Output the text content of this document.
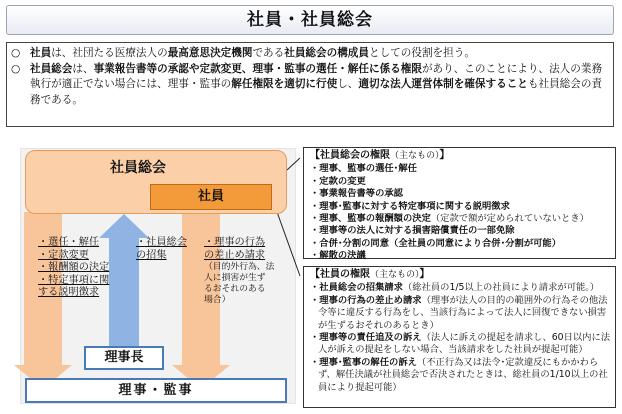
社員・社員総会

○ 社員は、社団たる医療法人の最高意思決定機関である社員総会の構成員としての役割を担う。

○ 社員総会は、事業報告書等の承認や定款変更、理事・監事の選任・解任に係る権限があり、このことにより、法人の業務執行が適正でない場合には、理事・監事の解任権限を適切に行使し、適切な法人運営体制を確保することも社員総会の責務である。

社員総会
社員
・選任・解任
・定款変更
・報酬額の決定
・特定事項に関
する説明徴求
・社員総会
の招集
・理事の行為
の差止め請求
（目的外行為、法
人に損害が生ず
るおそれのある
場合）
理事長
理事・監事
【社員総会の権限（主なもの）】
・理事、監事の選任･解任
・定款の変更
・事業報告書等の承認
・理事･監事に対する特定事項に関する説明徴求
・理事、監事の報酬額の決定（定款で額が定められていないとき）
・理事等の法人に対する損害賠償責任の一部免除
・合併･分割の同意（全社員の同意により合併･分割が可能）
・解散の決議
【社員の権限（主なもの）】
・社員総会の招集請求（総社員の1/5以上の社員により請求が可能。）
・理事の行為の差止め請求（理事が法人の目的の範囲外の行為その他法令等に違反する行為をし、当該行為によって法人に回復できない損害が生ずるおそれのあるとき）
・理事等の責任追及の訴え（法人に訴えの提起を請求し、60日以内に法人が訴えの提起をしない場合、当該請求をした社員が提起可能）
・理事･監事の解任の訴え（不正行為又は法令･定款違反にもかかわらず、解任決議が社員総会で否決されたときは、総社員の1/10以上の社員により提起可能）
